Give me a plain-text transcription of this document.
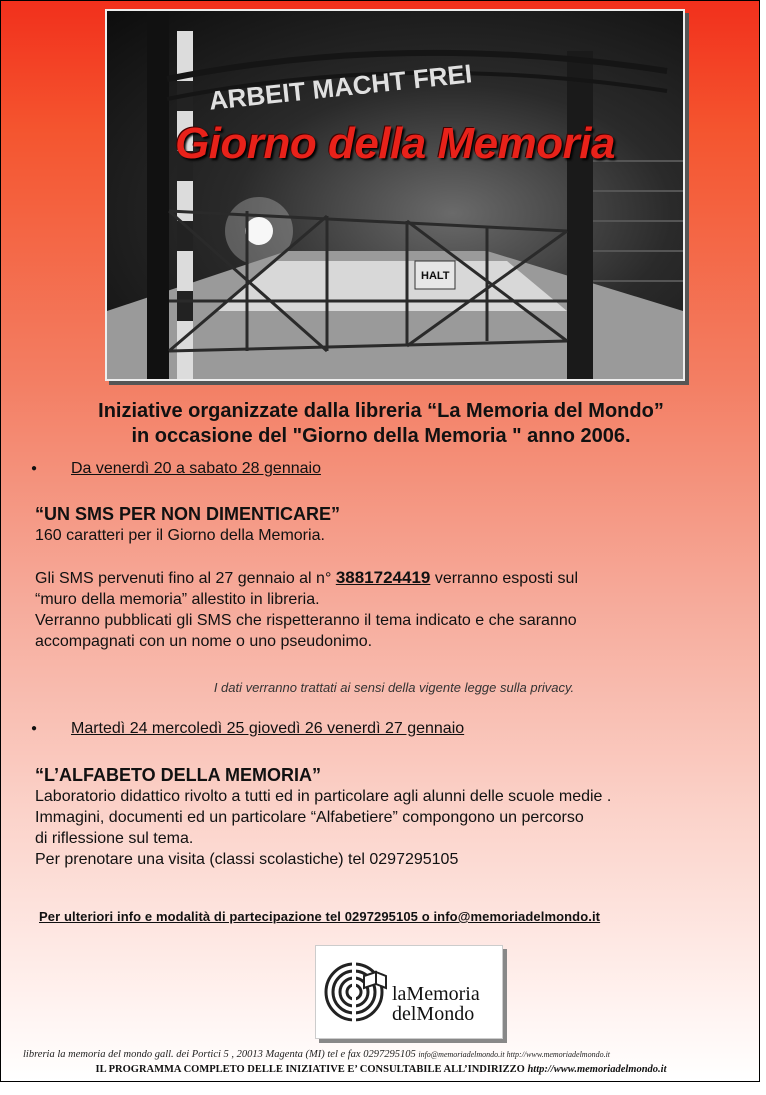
ARBEIT MACHT FREI
HALT
Giorno della Memoria
Iniziative organizzate dalla libreria “La Memoria del Mondo”
in occasione del "Giorno della Memoria " anno 2006.
● Da venerdì 20 a sabato 28 gennaio
“UN SMS PER NON DIMENTICARE”
160 caratteri per il Giorno della Memoria.
Gli SMS pervenuti fino al 27 gennaio al n° 3881724419 verranno esposti sul
“muro della memoria” allestito in libreria.
Verranno pubblicati gli SMS che rispetteranno il tema indicato e che saranno
accompagnati con un nome o uno pseudonimo.
I dati verranno trattati ai sensi della vigente legge sulla privacy.
● Martedì 24 mercoledì 25 giovedì 26 venerdì 27 gennaio
“L’ALFABETO DELLA MEMORIA”
Laboratorio didattico rivolto a tutti ed in particolare agli alunni delle scuole medie .
Immagini, documenti ed un particolare “Alfabetiere” compongono un percorso
di riflessione sul tema.
Per prenotare una visita (classi scolastiche) tel 0297295105
Per ulteriori info e modalità di partecipazione tel 0297295105 o info@memoriadelmondo.it
laMemoria
delMondo
libreria la memoria del mondo gall. dei Portici 5 , 20013 Magenta (MI) tel e fax 0297295105 info@memoriadelmondo.it http://www.memoriadelmondo.it
IL PROGRAMMA COMPLETO DELLE INIZIATIVE E’ CONSULTABILE ALL’INDIRIZZO http://www.memoriadelmondo.it
